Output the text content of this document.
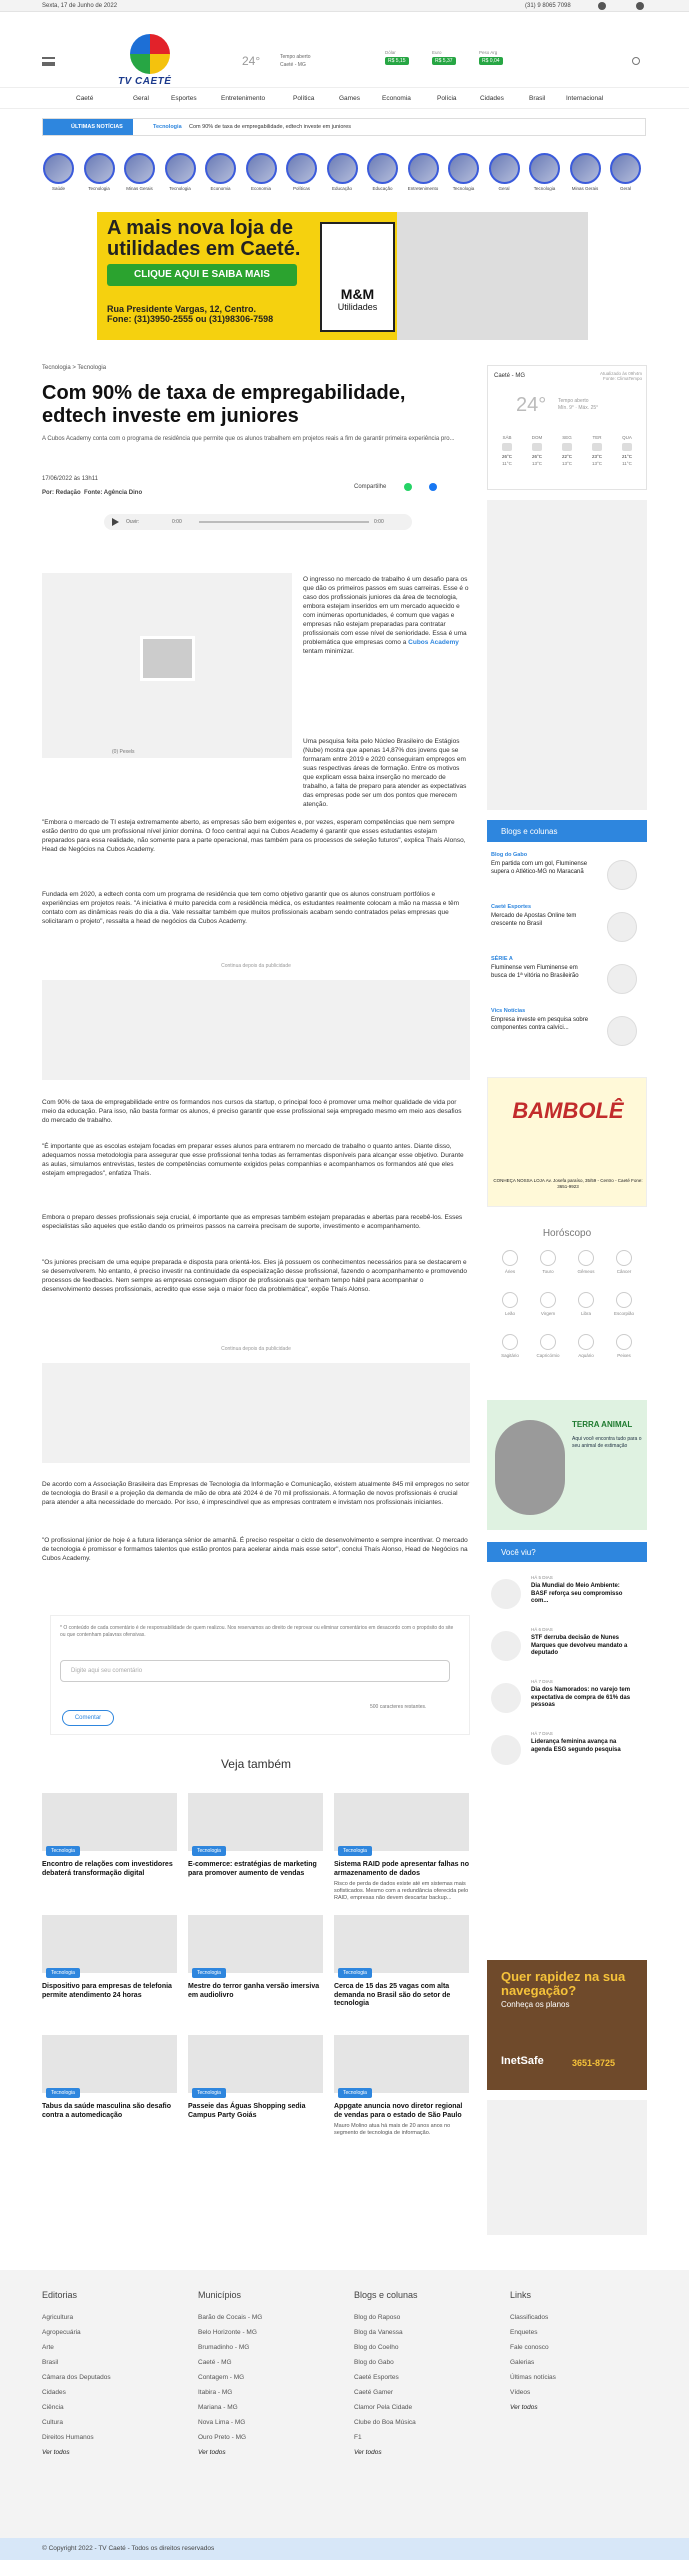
Sexta, 17 de Junho de 2022	(31) 9 8065 7098
TV CAETÉ
24°	Tempo aberto
Caeté - MG
Dólar
R$ 5,15
Euro
R$ 5,37
Peso Arg
R$ 0,04
Caeté	Geral	Esportes	Entretenimento	Política	Games	Economia	Polícia	Cidades	Brasil	Internacional
ÚLTIMAS NOTÍCIAS	Tecnologia Com 90% de taxa de empregabilidade, edtech investe em juniores
Saúde	Tecnologia	Minas Gerais	Tecnologia	Economia	Economia	Políticas	Educação	Educação	Entretenimento	Tecnologia	Geral	Tecnologia	Minas Gerais	Geral
A mais nova loja de utilidades em Caeté.
CLIQUE AQUI E SAIBA MAIS
Rua Presidente Vargas, 12, Centro.
Fone: (31)3950-2555 ou (31)98306-7598
M&M
Utilidades
Tecnologia > Tecnologia
Com 90% de taxa de empregabilidade, edtech investe em juniores
A Cubos Academy conta com o programa de residência que permite que os alunos trabalhem em projetos reais a fim de garantir primeira experiência pro...
17/06/2022 às 13h11
Por: Redação Fonte: Agência Dino
Compartilhe
Ouvir:	0:00	0:00
(0) Pexels
O ingresso no mercado de trabalho é um desafio para os que dão os primeiros passos em suas carreiras. Esse é o caso dos profissionais juniores da área de tecnologia, embora estejam inseridos em um mercado aquecido e com inúmeras oportunidades, é comum que vagas e empresas não estejam preparadas para contratar profissionais com esse nível de senioridade. Essa é uma problemática que empresas como a Cubos Academy tentam minimizar.
Uma pesquisa feita pelo Núcleo Brasileiro de Estágios (Nube) mostra que apenas 14,87% dos jovens que se formaram entre 2019 e 2020 conseguiram empregos em suas respectivas áreas de formação. Entre os motivos que explicam essa baixa inserção no mercado de trabalho, a falta de preparo para atender as expectativas das empresas pode ser um dos pontos que merecem atenção.
"Embora o mercado de TI esteja extremamente aberto, as empresas são bem exigentes e, por vezes, esperam competências que nem sempre estão dentro do que um profissional nível júnior domina. O foco central aqui na Cubos Academy é garantir que esses estudantes estejam preparados para essa realidade, não somente para a parte operacional, mas também para os processos de seleção futuros", explica Thaís Alonso, Head de Negócios na Cubos Academy.
Fundada em 2020, a edtech conta com um programa de residência que tem como objetivo garantir que os alunos construam portfólios e experiências em projetos reais. "A iniciativa é muito parecida com a residência médica, os estudantes realmente colocam a mão na massa e têm contato com as dinâmicas reais do dia a dia. Vale ressaltar também que muitos profissionais acabam sendo contratados pelas empresas que solicitaram o projeto", ressalta a head de negócios da Cubos Academy.
Continua depois da publicidade
Com 90% de taxa de empregabilidade entre os formandos nos cursos da startup, o principal foco é promover uma melhor qualidade de vida por meio da educação. Para isso, não basta formar os alunos, é preciso garantir que esse profissional seja empregado mesmo em meio aos desafios do mercado de trabalho.
"É importante que as escolas estejam focadas em preparar esses alunos para entrarem no mercado de trabalho o quanto antes. Diante disso, adequamos nossa metodologia para assegurar que esse profissional tenha todas as ferramentas disponíveis para alcançar esse objetivo. Durante as aulas, simulamos entrevistas, testes de competências comumente exigidos pelas companhias e acompanhamos os formandos até que eles estejam empregados", enfatiza Thaís.
Embora o preparo desses profissionais seja crucial, é importante que as empresas também estejam preparadas e abertas para recebê-los. Esses especialistas são aqueles que estão dando os primeiros passos na carreira precisam de suporte, investimento e acompanhamento.
"Os juniores precisam de uma equipe preparada e disposta para orientá-los. Eles já possuem os conhecimentos necessários para se destacarem e se desenvolverem. No entanto, é preciso investir na continuidade da especialização desse profissional, fazendo o acompanhamento e promovendo processos de feedbacks. Nem sempre as empresas conseguem dispor de profissionais que tenham tempo hábil para acompanhar o desenvolvimento desses profissionais, acredito que esse seja o maior foco da problemática", expõe Thaís Alonso.
Continua depois da publicidade
De acordo com a Associação Brasileira das Empresas de Tecnologia da Informação e Comunicação, existem atualmente 845 mil empregos no setor de tecnologia do Brasil e a projeção da demanda de mão de obra até 2024 é de 70 mil profissionais. A formação de novos profissionais é crucial para atender a alta necessidade do mercado. Por isso, é imprescindível que as empresas contratem e invistam nos profissionais iniciantes.
"O profissional júnior de hoje é a futura liderança sênior de amanhã. É preciso respeitar o ciclo de desenvolvimento e sempre incentivar. O mercado de tecnologia é promissor e formamos talentos que estão prontos para acelerar ainda mais esse setor", conclui Thaís Alonso, Head de Negócios na Cubos Academy.
* O conteúdo de cada comentário é de responsabilidade de quem realizou. Nos reservamos ao direito de reprovar ou eliminar comentários em desacordo com o propósito do site ou que contenham palavras ofensivas.
Digite aqui seu comentário
500 caracteres restantes.
Comentar
Veja também
Tecnologia
Encontro de relações com investidores debaterá transformação digital
Tecnologia
E-commerce: estratégias de marketing para promover aumento de vendas
Tecnologia
Sistema RAID pode apresentar falhas no armazenamento de dados
Risco de perda de dados existe até em sistemas mais sofisticados. Mesmo com a redundância oferecida pelo RAID, empresas não devem descartar backup...
Tecnologia
Dispositivo para empresas de telefonia permite atendimento 24 horas
Tecnologia
Mestre do terror ganha versão imersiva em audiolivro
Tecnologia
Cerca de 15 das 25 vagas com alta demanda no Brasil são do setor de tecnologia
Tecnologia
Tabus da saúde masculina são desafio contra a automedicação
Tecnologia
Passeie das Águas Shopping sedia Campus Party Goiás
Tecnologia
Appgate anuncia novo diretor regional de vendas para o estado de São Paulo
Mauro Molino atua há mais de 20 anos anos no segmento de tecnologia de informação.
Caeté - MG	Atualizado às 09h4m
Fonte: ClimaTempo
24° Tempo aberto
Mín. 9° · Máx. 25°
SÁB
26°C
11°C
DOM
26°C
13°C
SEG
22°C
13°C
TER
23°C
13°C
QUA
21°C
11°C
Blogs e colunas
Blog do Gabo
Em partida com um gol, Fluminense supera o Atlético-MG no Maracanã
Caeté Esportes
Mercado de Apostas Online tem crescente no Brasil
SÉRIE A
Fluminense vem Fluminense em busca de 1ª vitória no Brasileirão
Vics Notícias
Empresa investe em pesquisa sobre componentes contra calvíci...
BAMBOLÊ
CONHEÇA NOSSA LOJA Av. Josefa paraíso, 35/59 - Centro - Caeté Fone: 3651-9923
Horóscopo
Áries	Touro	Gêmeos	Câncer
Leão	Virgem	Libra	Escorpião
Sagitário	Capricórnio	Aquário	Peixes
TERRA ANIMAL
Aqui você encontra tudo para o seu animal de estimação
Você viu?
HÁ 5 DIAS
Dia Mundial do Meio Ambiente: BASF reforça seu compromisso com...
HÁ 6 DIAS
STF derruba decisão de Nunes Marques que devolveu mandato a deputado
HÁ 7 DIAS
Dia dos Namorados: no varejo tem expectativa de compra de 61% das pessoas
HÁ 7 DIAS
Liderança feminina avança na agenda ESG segundo pesquisa
Quer rapidez na sua navegação?
Conheça os planos
InetSafe	3651-8725
Editorias
Agricultura
Agropecuária
Arte
Brasil
Câmara dos Deputados
Cidades
Ciência
Cultura
Direitos Humanos
Ver todos
Municípios
Barão de Cocais - MG
Belo Horizonte - MG
Brumadinho - MG
Caeté - MG
Contagem - MG
Itabira - MG
Mariana - MG
Nova Lima - MG
Ouro Preto - MG
Ver todos
Blogs e colunas
Blog do Raposo
Blog da Vanessa
Blog do Coelho
Blog do Gabo
Caeté Esportes
Caeté Gamer
Clamor Pela Cidade
Clube do Boa Música
F1
Ver todos
Links
Classificados
Enquetes
Fale conosco
Galerias
Últimas notícias
Vídeos
Ver todos
© Copyright 2022 - TV Caeté - Todos os direitos reservados
